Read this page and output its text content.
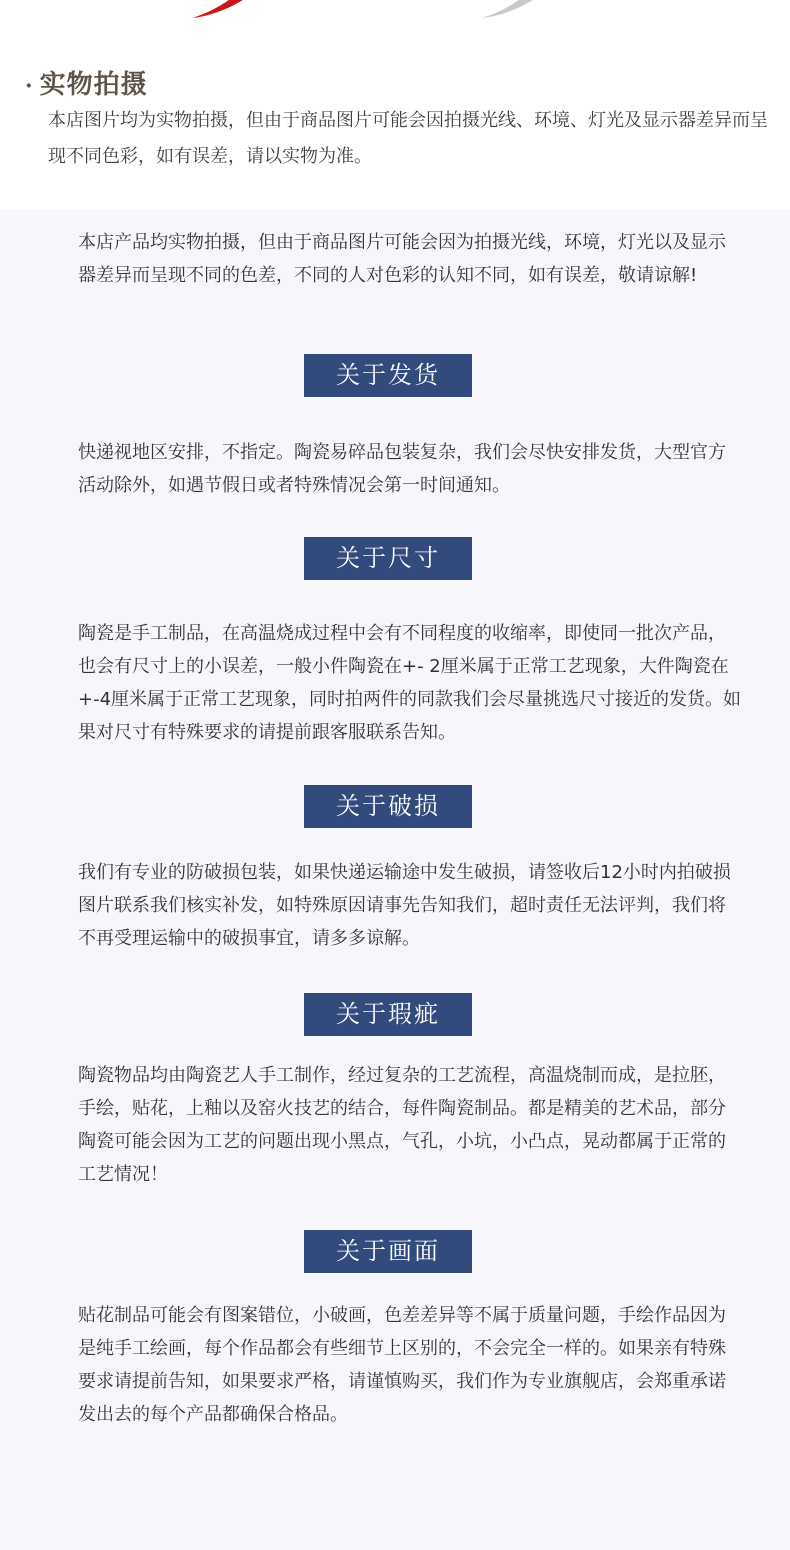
· 实物拍摄
本店图片均为实物拍摄，但由于商品图片可能会因拍摄光线、环境、灯光及显示器差异而呈现不同色彩，如有误差，请以实物为准。

本店产品均实物拍摄，但由于商品图片可能会因为拍摄光线，环境，灯光以及显示器差异而呈现不同的色差，不同的人对色彩的认知不同，如有误差，敬请谅解!

关于发货

快递视地区安排，不指定。陶瓷易碎品包装复杂，我们会尽快安排发货，大型官方活动除外，如遇节假日或者特殊情况会第一时间通知。

关于尺寸

陶瓷是手工制品，在高温烧成过程中会有不同程度的收缩率，即使同一批次产品，也会有尺寸上的小误差，一般小件陶瓷在+- 2厘米属于正常工艺现象，大件陶瓷在+-4厘米属于正常工艺现象，同时拍两件的同款我们会尽量挑选尺寸接近的发货。如果对尺寸有特殊要求的请提前跟客服联系告知。

关于破损

我们有专业的防破损包装，如果快递运输途中发生破损，请签收后12小时内拍破损图片联系我们核实补发，如特殊原因请事先告知我们，超时责任无法评判，我们将不再受理运输中的破损事宜，请多多谅解。

关于瑕疵

陶瓷物品均由陶瓷艺人手工制作，经过复杂的工艺流程，高温烧制而成，是拉胚，手绘，贴花，上釉以及窑火技艺的结合，每件陶瓷制品。都是精美的艺术品，部分陶瓷可能会因为工艺的问题出现小黑点，气孔，小坑，小凸点，晃动都属于正常的工艺情况！

关于画面

贴花制品可能会有图案错位，小破画，色差差异等不属于质量问题，手绘作品因为是纯手工绘画，每个作品都会有些细节上区别的，不会完全一样的。如果亲有特殊要求请提前告知，如果要求严格，请谨慎购买，我们作为专业旗舰店，会郑重承诺发出去的每个产品都确保合格品。
